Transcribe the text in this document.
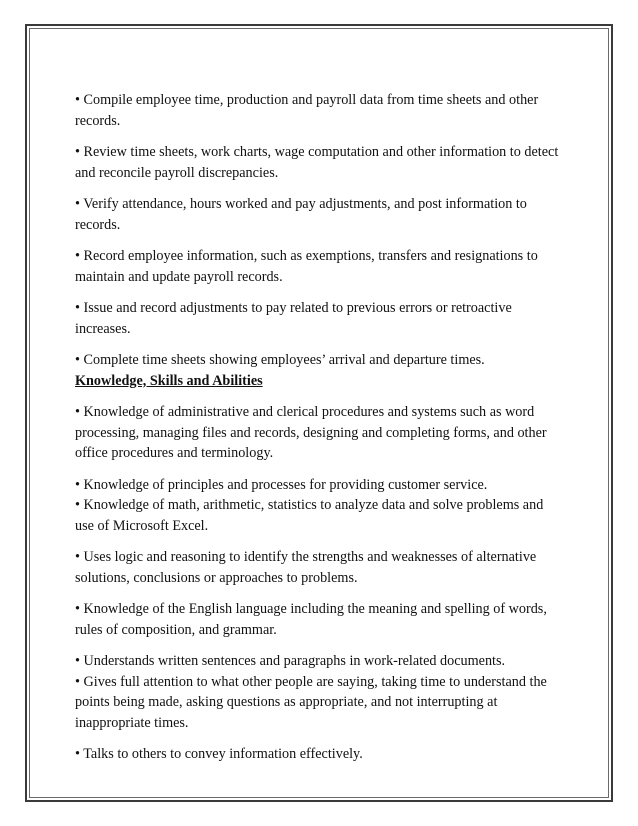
• Compile employee time, production and payroll data from time sheets and other records.

• Review time sheets, work charts, wage computation and other information to detect and reconcile payroll discrepancies.

• Verify attendance, hours worked and pay adjustments, and post information to records.

• Record employee information, such as exemptions, transfers and resignations to maintain and update payroll records.

• Issue and record adjustments to pay related to previous errors or retroactive increases.

• Complete time sheets showing employees’ arrival and departure times.

Knowledge, Skills and Abilities

• Knowledge of administrative and clerical procedures and systems such as word processing, managing files and records, designing and completing forms, and other office procedures and terminology.

• Knowledge of principles and processes for providing customer service.

• Knowledge of math, arithmetic, statistics to analyze data and solve problems and use of Microsoft Excel.

• Uses logic and reasoning to identify the strengths and weaknesses of alternative solutions, conclusions or approaches to problems.

• Knowledge of the English language including the meaning and spelling of words, rules of composition, and grammar.

• Understands written sentences and paragraphs in work-related documents.

• Gives full attention to what other people are saying, taking time to understand the points being made, asking questions as appropriate, and not interrupting at inappropriate times.

• Talks to others to convey information effectively.
